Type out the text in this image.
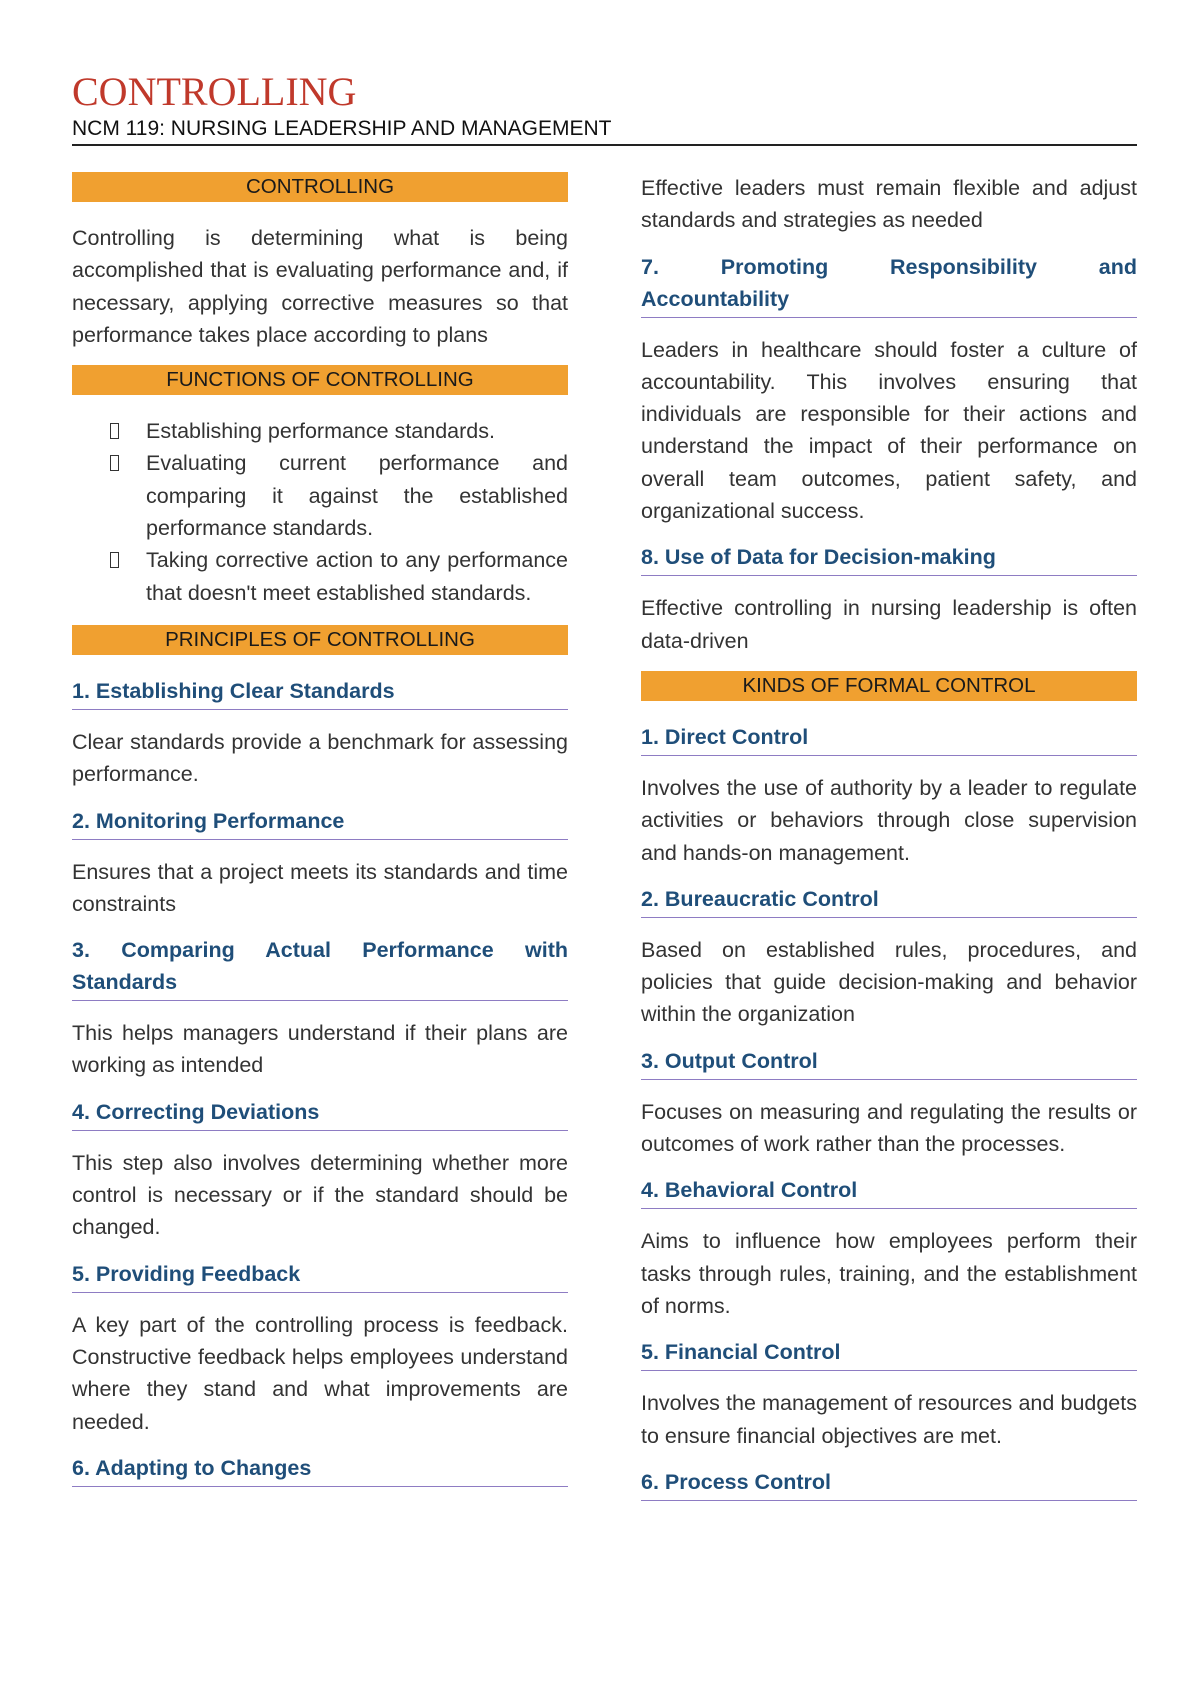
CONTROLLING
NCM 119: NURSING LEADERSHIP AND MANAGEMENT
CONTROLLING

Controlling is determining what is being accomplished that is evaluating performance and, if necessary, applying corrective measures so that performance takes place according to plans

FUNCTIONS OF CONTROLLING
Establishing performance standards.
Evaluating current performance and comparing it against the established performance standards.
Taking corrective action to any performance that doesn't meet established standards.
PRINCIPLES OF CONTROLLING
1. Establishing Clear Standards

Clear standards provide a benchmark for assessing performance.

2. Monitoring Performance

Ensures that a project meets its standards and time constraints

3. Comparing Actual Performance with
Standards

This helps managers understand if their plans are working as intended

4. Correcting Deviations

This step also involves determining whether more control is necessary or if the standard should be changed.

5. Providing Feedback

A key part of the controlling process is feedback. Constructive feedback helps employees understand where they stand and what improvements are needed.

6. Adapting to Changes

Effective leaders must remain flexible and adjust standards and strategies as needed

7. Promoting Responsibility and
Accountability

Leaders in healthcare should foster a culture of accountability. This involves ensuring that individuals are responsible for their actions and understand the impact of their performance on overall team outcomes, patient safety, and organizational success.

8. Use of Data for Decision-making

Effective controlling in nursing leadership is often data-driven

KINDS OF FORMAL CONTROL
1. Direct Control

Involves the use of authority by a leader to regulate activities or behaviors through close supervision and hands-on management.

2. Bureaucratic Control

Based on established rules, procedures, and policies that guide decision-making and behavior within the organization

3. Output Control

Focuses on measuring and regulating the results or outcomes of work rather than the processes.

4. Behavioral Control

Aims to influence how employees perform their tasks through rules, training, and the establishment of norms.

5. Financial Control

Involves the management of resources and budgets to ensure financial objectives are met.

6. Process Control
